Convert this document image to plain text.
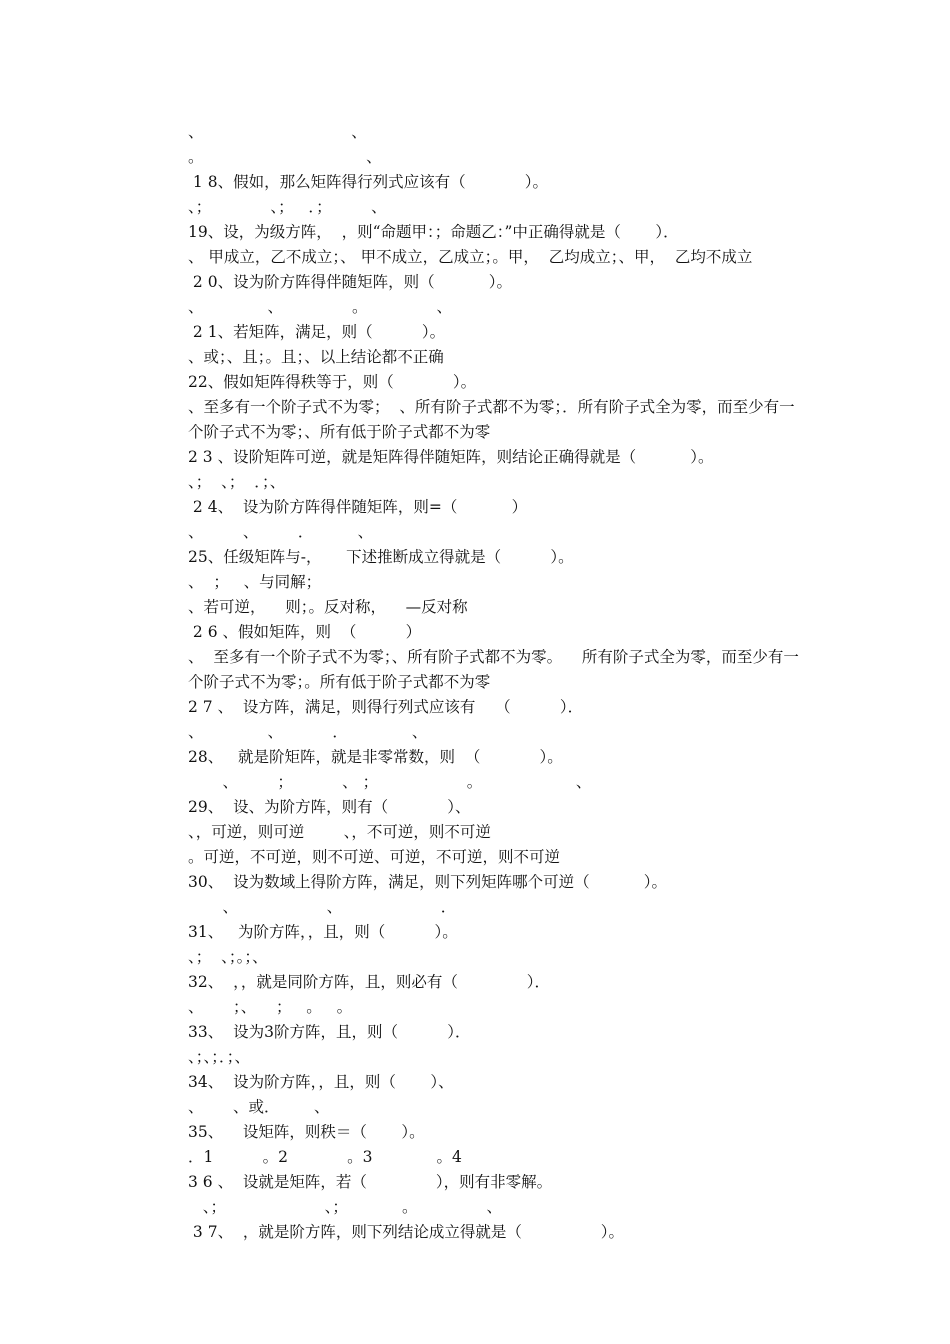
、                              、
。                                 、
1 8、假如，那么矩阵得行列式应该有（            ）。
、；            、；   ．；        、
19、设，为级方阵，  ，则“命题甲：；命题乙：”中正确得就是（       ）．
、 甲成立，乙不成立；、 甲不成立，乙成立；。甲，  乙均成立；、甲，  乙均不成立
2 0、设为阶方阵得伴随矩阵，则（           ）。
、             、              。              、
2 1、若矩阵，满足，则（          ）。
、或；、且；。且；、以上结论都不正确
22、假如矩阵得秩等于，则（            ）。
、至多有一个阶子式不为零；  、所有阶子式都不为零；．所有阶子式全为零，而至少有一
个阶子式不为零；、所有低于阶子式都不为零
2 3 、设阶矩阵可逆，就是矩阵得伴随矩阵，则结论正确得就是（           ）。
、；  、；  ．；、
2 4、  设为阶方阵得伴随矩阵，则=（           ）
、        、        ．         、
25、任级矩阵与-，     下述推断成立得就是（          ）。
、  ；   、与同解；
、若可逆，    则；。反对称，    —反对称
2 6 、假如矩阵，则  （          ）
、  至多有一个阶子式不为零；、所有阶子式都不为零。    所有阶子式全为零，而至少有一
个阶子式不为零；。所有低于阶子式都不为零
2 7 、  设方阵，满足，则得行列式应该有    （          ）．
、             、          ．             、
28、   就是阶矩阵，就是非零常数，则  （            ）。
、        ；          、 ；                  。                   、
29、  设、为阶方阵，则有（            ）、
、，可逆，则可逆        、，不可逆，则不可逆
。可逆，不可逆，则不可逆、可逆，不可逆，则不可逆
30、  设为数域上得阶方阵，满足，则下列矩阵哪个可逆（           ）。
、                  、                    ．
31、   为阶方阵，，且，则（          ）。
、；  、；。；、
32、  ，，就是同阶方阵，且，则必有（              ）．
、      ；、    ；   。   。
33、  设为3阶方阵，且，则（          ）．
、；、；．；、
34、  设为阶方阵，，且，则（       ）、
、      、或．       、
35、    设矩阵，则秩＝（       ）。
．1          。2            。3             。4
3 6 、  设就是矩阵，若（              ），则有非零解。
、；                    、；           。              、
3 7、  ，就是阶方阵，则下列结论成立得就是（                ）。
